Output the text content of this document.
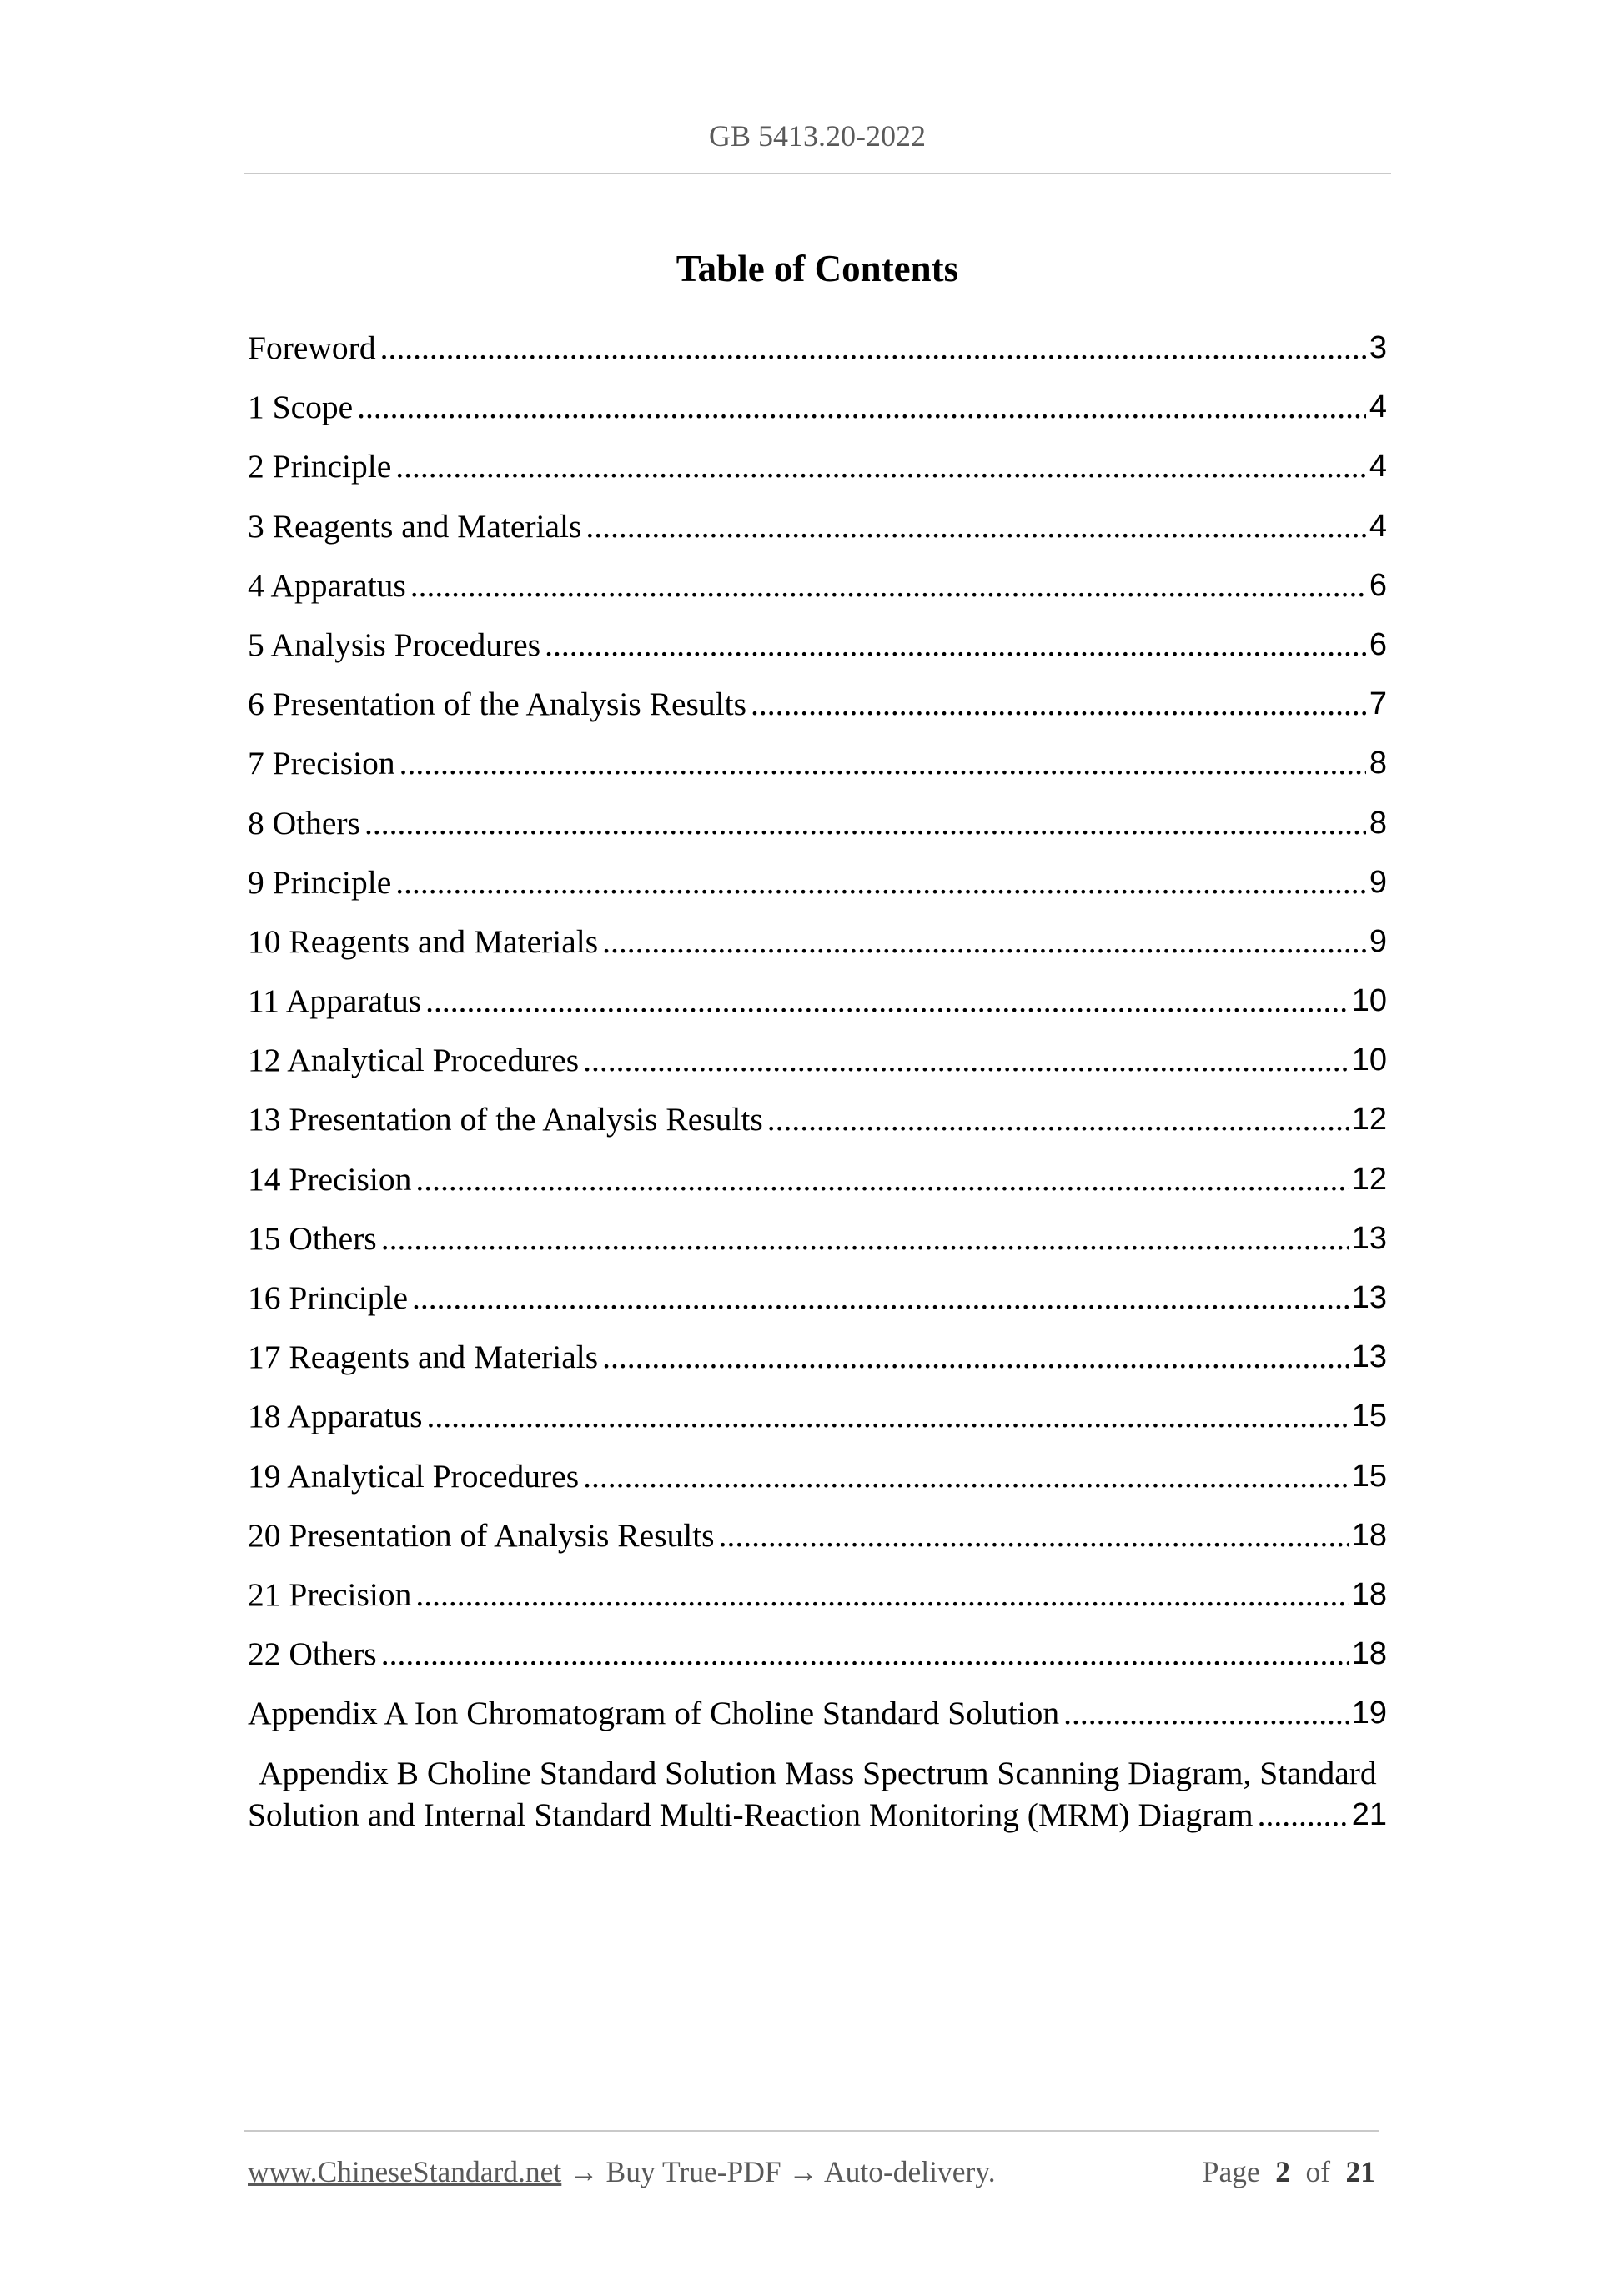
GB 5413.20-2022
Table of Contents
Foreword .....	3
1 Scope .....	4
2 Principle .....	4
3 Reagents and Materials .....	4
4 Apparatus .....	6
5 Analysis Procedures .....	6
6 Presentation of the Analysis Results .....	7
7 Precision .....	8
8 Others .....	8
9 Principle .....	9
10 Reagents and Materials .....	9
11 Apparatus .....	10
12 Analytical Procedures .....	10
13 Presentation of the Analysis Results .....	12
14 Precision .....	12
15 Others .....	13
16 Principle .....	13
17 Reagents and Materials .....	13
18 Apparatus .....	15
19 Analytical Procedures .....	15
20 Presentation of Analysis Results .....	18
21 Precision .....	18
22 Others .....	18
Appendix A Ion Chromatogram of Choline Standard Solution .....	19
Appendix B Choline Standard Solution Mass Spectrum Scanning Diagram, Standard
Solution and Internal Standard Multi-Reaction Monitoring (MRM) Diagram .....	21
www.ChineseStandard.net → Buy True-PDF → Auto-delivery.	Page 2 of 21
